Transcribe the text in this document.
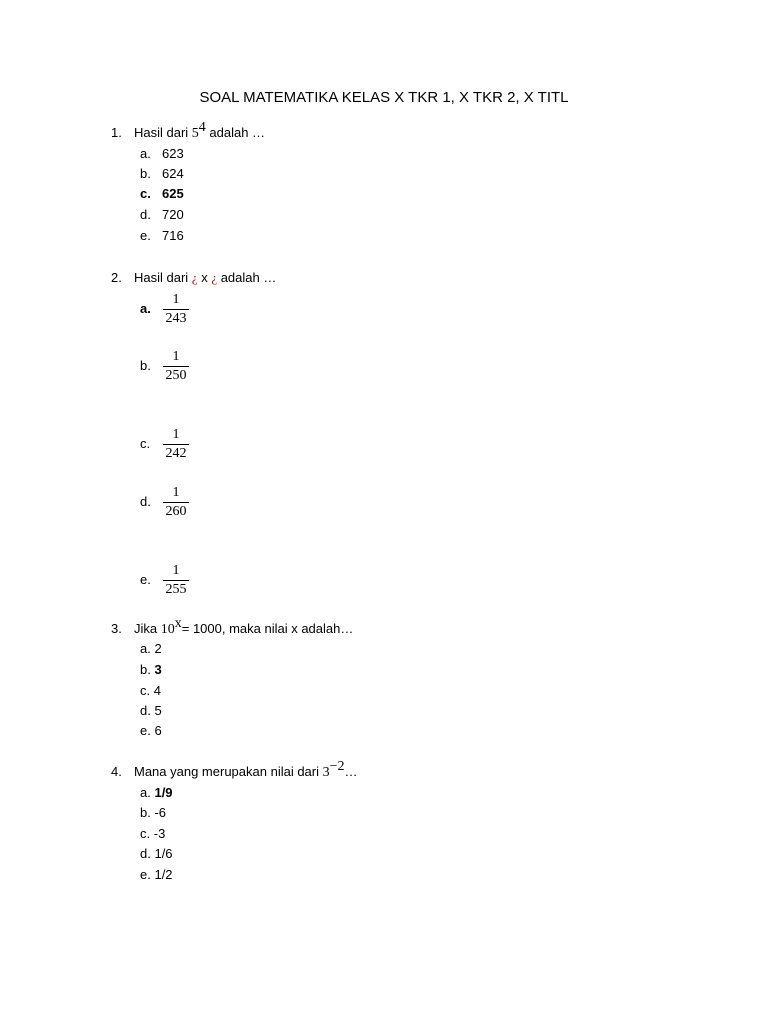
SOAL MATEMATIKA KELAS X TKR 1, X TKR 2, X TITL
1. Hasil dari $5^4$ adalah …
a. 623
b. 624
c. 625
d. 720
e. 716
2. Hasil dari ¿ x ¿ adalah …
a.
1
243
b.
1
250
c.
1
242
d.
1
260
e.
1
255
3. Jika $10^x= 1000$, maka nilai x adalah…
a. 2
b. 3
c. 4
d. 5
e. 6
4. Mana yang merupakan nilai dari $3^{-2}\dots$
a. 1/9
b. -6
c. -3
d. 1/6
e. 1/2
